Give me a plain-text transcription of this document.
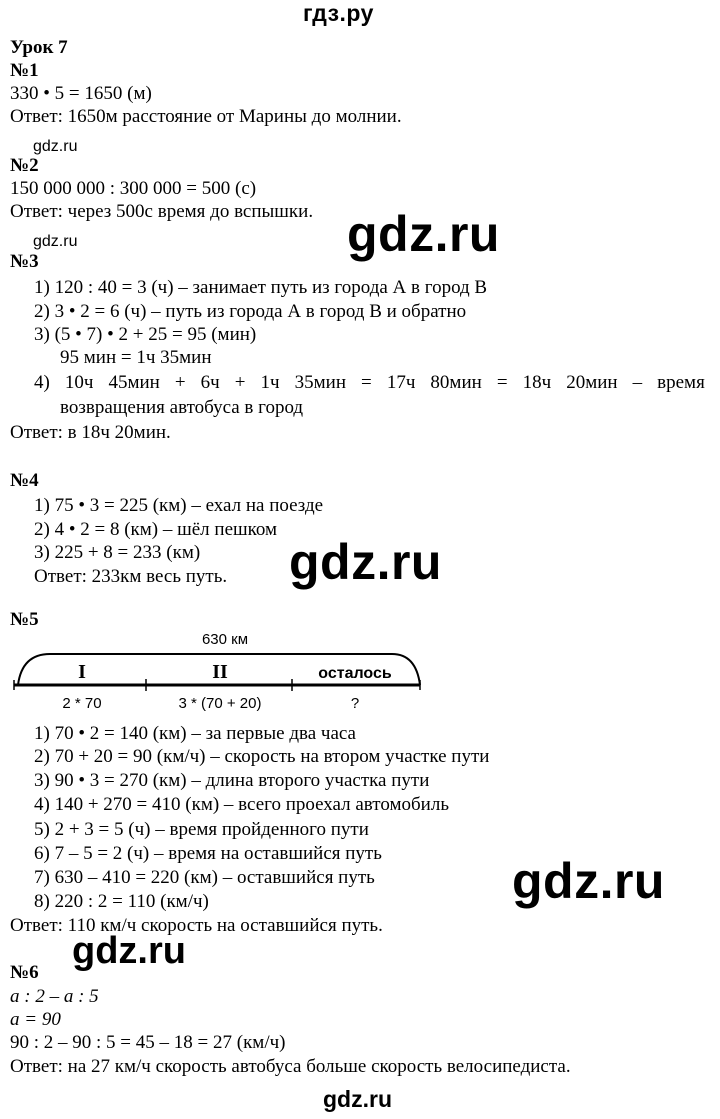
гдз.ру
gdz.ru
gdz.ru	gdz.ru
gdz.ru
gdz.ru
gdz.ru
gdz.ru
Урок 7
№1
330 • 5 = 1650 (м)
Ответ: 1650м расстояние от Марины до молнии.
№2
150 000 000 : 300 000 = 500 (с)
Ответ: через 500с время до вспышки.
№3
1) 120 : 40 = 3 (ч) – занимает путь из города А в город В
2) 3 • 2 = 6 (ч) – путь из города А в город В и обратно
3) (5 • 7) • 2 + 25 = 95 (мин)
95 мин = 1ч 35мин
4) 10ч 45мин + 6ч + 1ч 35мин = 17ч 80мин = 18ч 20мин – время
возвращения автобуса в город
Ответ: в 18ч 20мин.
№4
1) 75 • 3 = 225 (км) – ехал на поезде
2) 4 • 2 = 8 (км) – шёл пешком
3) 225 + 8 = 233 (км)
Ответ: 233км весь путь.
№5
630 км
I	II	осталось
2 * 70	3 * (70 + 20)	?
1) 70 • 2 = 140 (км) – за первые два часа
2) 70 + 20 = 90 (км/ч) – скорость на втором участке пути
3) 90 • 3 = 270 (км) – длина второго участка пути
4) 140 + 270 = 410 (км) – всего проехал автомобиль
5) 2 + 3 = 5 (ч) – время пройденного пути
6) 7 – 5 = 2 (ч) – время на оставшийся путь
7) 630 – 410 = 220 (км) – оставшийся путь
8) 220 : 2 = 110 (км/ч)
Ответ: 110 км/ч скорость на оставшийся путь.
№6
a : 2 – a : 5
a = 90
90 : 2 – 90 : 5 = 45 – 18 = 27 (км/ч)
Ответ: на 27 км/ч скорость автобуса больше скорость велосипедиста.
